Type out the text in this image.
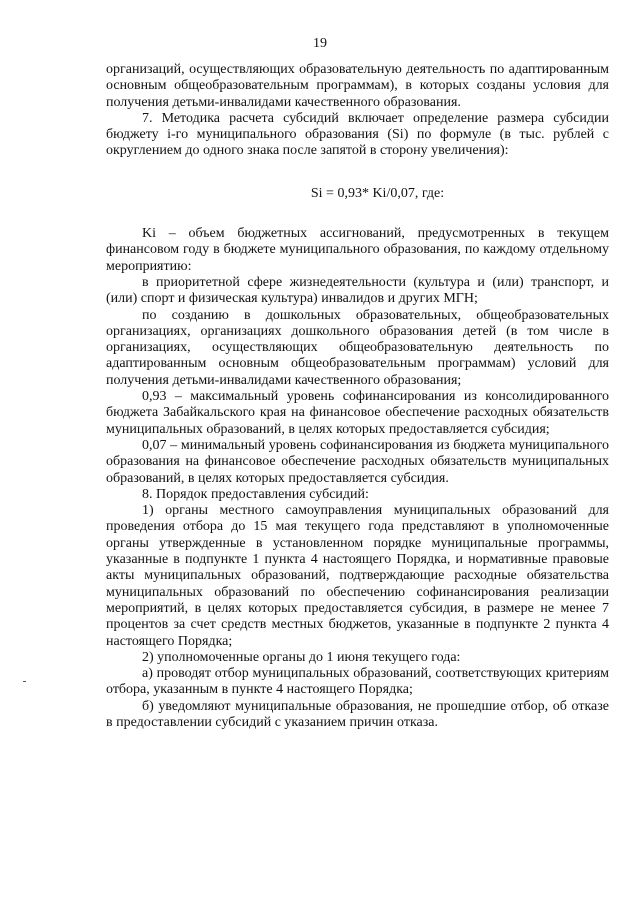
19

организаций, осуществляющих образовательную деятельность по адаптированным основным общеобразовательным программам), в которых созданы условия для получения детьми-инвалидами качественного образования.

7. Методика расчета субсидий включает определение размера субсидии бюджету i-го муниципального образования (Si) по формуле (в тыс. рублей с округлением до одного знака после запятой в сторону увеличения):

Si = 0,93* Ki/0,07, где:

Ki – объем бюджетных ассигнований, предусмотренных в текущем финансовом году в бюджете муниципального образования, по каждому отдельному мероприятию:

в приоритетной сфере жизнедеятельности (культура и (или) транспорт, и (или) спорт и физическая культура) инвалидов и других МГН;

по созданию в дошкольных образовательных, общеобразовательных организациях, организациях дошкольного образования детей (в том числе в организациях, осуществляющих общеобразовательную деятельность по адаптированным основным общеобразовательным программам) условий для получения детьми-инвалидами качественного образования;

0,93 – максимальный уровень софинансирования из консолидированного бюджета Забайкальского края на финансовое обеспечение расходных обязательств муниципальных образований, в целях которых предоставляется субсидия;

0,07 – минимальный уровень софинансирования из бюджета муниципального образования на финансовое обеспечение расходных обязательств муниципальных образований, в целях которых предоставляется субсидия.

8. Порядок предоставления субсидий:

1) органы местного самоуправления муниципальных образований для проведения отбора до 15 мая текущего года представляют в уполномоченные органы утвержденные в установленном порядке муниципальные программы, указанные в подпункте 1 пункта 4 настоящего Порядка, и нормативные правовые акты муниципальных образований, подтверждающие расходные обязательства муниципальных образований по обеспечению софинансирования реализации мероприятий, в целях которых предоставляется субсидия, в размере не менее 7 процентов за счет средств местных бюджетов, указанные в подпункте 2 пункта 4 настоящего Порядка;

2) уполномоченные органы до 1 июня текущего года:

а) проводят отбор муниципальных образований, соответствующих критериям отбора, указанным в пункте 4 настоящего Порядка;

б) уведомляют муниципальные образования, не прошедшие отбор, об отказе в предоставлении субсидий с указанием причин отказа.
